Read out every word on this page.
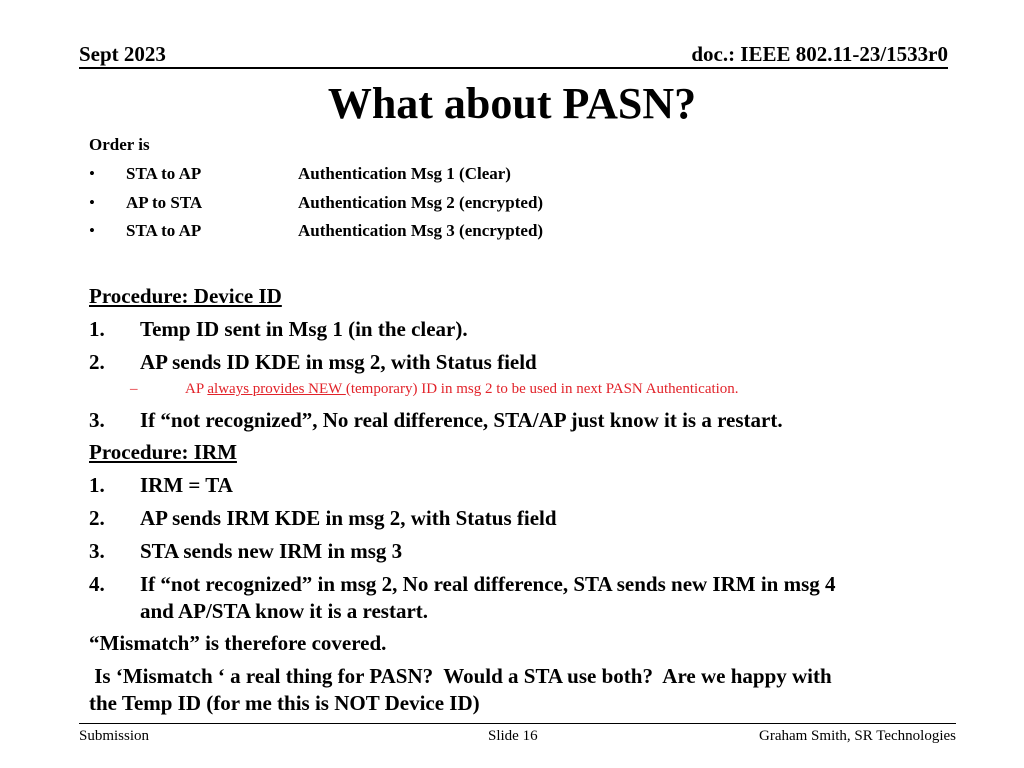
Sept 2023	doc.: IEEE 802.11-23/1533r0
What about PASN?
Order is
• STA to AP	Authentication Msg 1 (Clear)
• AP to STA	Authentication Msg 2 (encrypted)
• STA to AP	Authentication Msg 3 (encrypted)
Procedure: Device ID
1. Temp ID sent in Msg 1 (in the clear).
2. AP sends ID KDE in msg 2, with Status field
–	AP always provides NEW (temporary) ID in msg 2 to be used in next PASN Authentication.
3. If “not recognized”, No real difference, STA/AP just know it is a restart.
Procedure: IRM
1. IRM = TA
2. AP sends IRM KDE in msg 2, with Status field
3. STA sends new IRM in msg 3
4. If “not recognized” in msg 2, No real difference, STA sends new IRM in msg 4
and AP/STA know it is a restart.
“Mismatch” is therefore covered.
Is ‘Mismatch ‘ a real thing for PASN?  Would a STA use both?  Are we happy with
the Temp ID (for me this is NOT Device ID)
Submission	Slide 16	Graham Smith, SR Technologies
